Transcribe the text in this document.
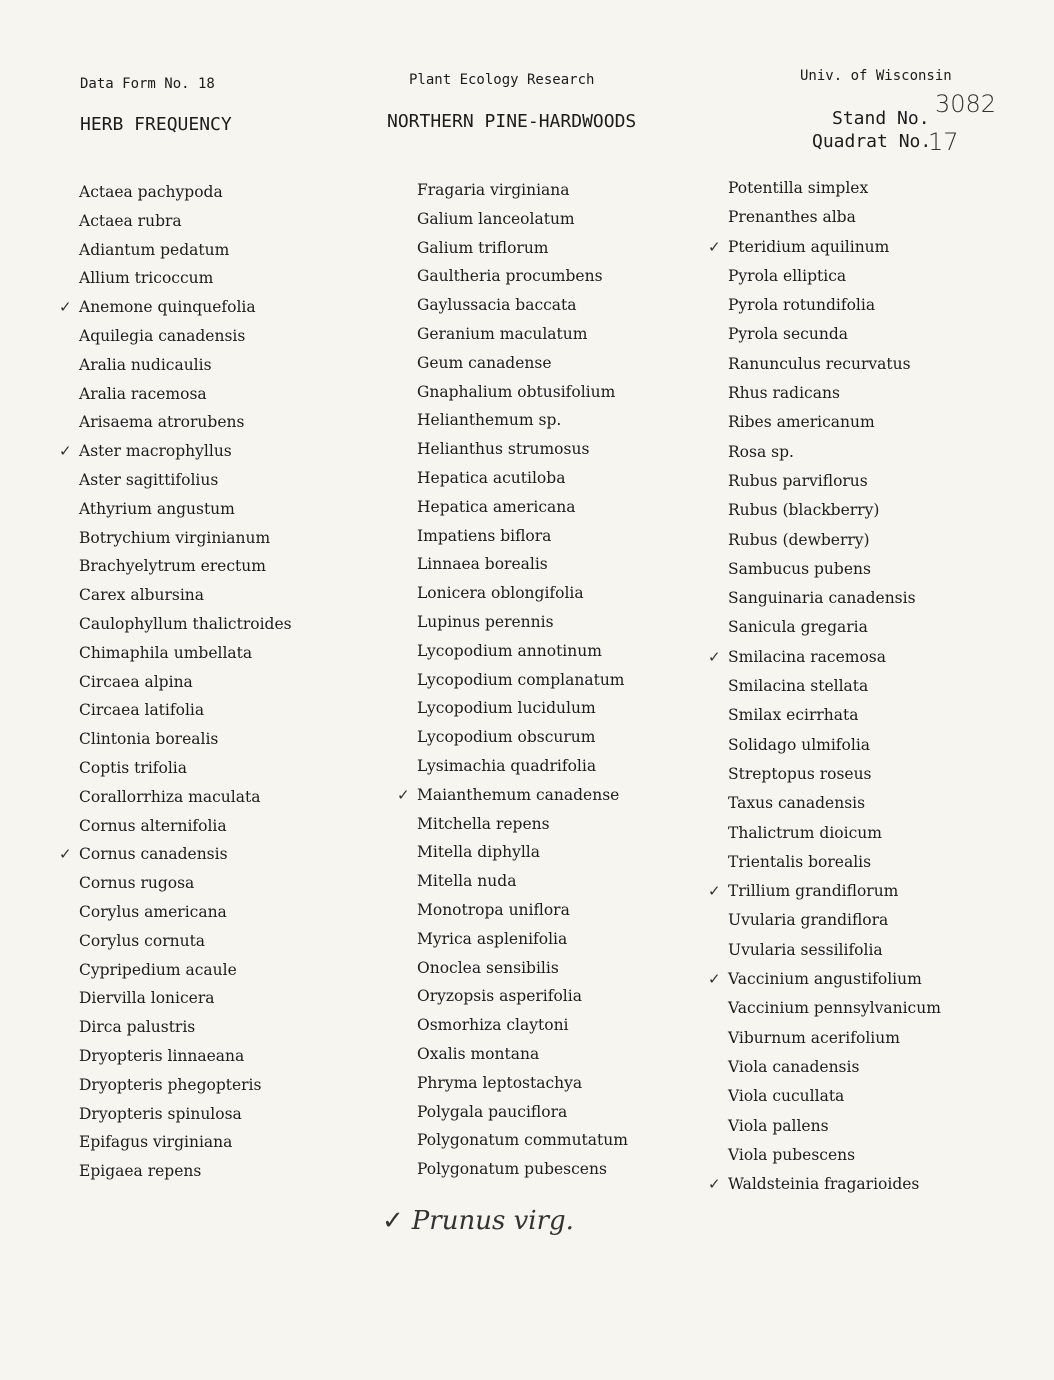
Data Form No. 18	Plant Ecology Research	Univ. of Wisconsin
HERB FREQUENCY	NORTHERN PINE-HARDWOODS	Stand No.
Quadrat No.
3082
17
Actaea pachypoda
Actaea rubra
Adiantum pedatum
Allium tricoccum
✓ Anemone quinquefolia
Aquilegia canadensis
Aralia nudicaulis
Aralia racemosa
Arisaema atrorubens
✓ Aster macrophyllus
Aster sagittifolius
Athyrium angustum
Botrychium virginianum
Brachyelytrum erectum
Carex albursina
Caulophyllum thalictroides
Chimaphila umbellata
Circaea alpina
Circaea latifolia
Clintonia borealis
Coptis trifolia
Corallorrhiza maculata
Cornus alternifolia
✓ Cornus canadensis
Cornus rugosa
Corylus americana
Corylus cornuta
Cypripedium acaule
Diervilla lonicera
Dirca palustris
Dryopteris linnaeana
Dryopteris phegopteris
Dryopteris spinulosa
Epifagus virginiana
Epigaea repens
Fragaria virginiana
Galium lanceolatum
Galium triflorum
Gaultheria procumbens
Gaylussacia baccata
Geranium maculatum
Geum canadense
Gnaphalium obtusifolium
Helianthemum sp.
Helianthus strumosus
Hepatica acutiloba
Hepatica americana
Impatiens biflora
Linnaea borealis
Lonicera oblongifolia
Lupinus perennis
Lycopodium annotinum
Lycopodium complanatum
Lycopodium lucidulum
Lycopodium obscurum
Lysimachia quadrifolia
✓ Maianthemum canadense
Mitchella repens
Mitella diphylla
Mitella nuda
Monotropa uniflora
Myrica asplenifolia
Onoclea sensibilis
Oryzopsis asperifolia
Osmorhiza claytoni
Oxalis montana
Phryma leptostachya
Polygala pauciflora
Polygonatum commutatum
Polygonatum pubescens
Potentilla simplex
Prenanthes alba
✓ Pteridium aquilinum
Pyrola elliptica
Pyrola rotundifolia
Pyrola secunda
Ranunculus recurvatus
Rhus radicans
Ribes americanum
Rosa sp.
Rubus parviflorus
Rubus (blackberry)
Rubus (dewberry)
Sambucus pubens
Sanguinaria canadensis
Sanicula gregaria
✓ Smilacina racemosa
Smilacina stellata
Smilax ecirrhata
Solidago ulmifolia
Streptopus roseus
Taxus canadensis
Thalictrum dioicum
Trientalis borealis
✓ Trillium grandiflorum
Uvularia grandiflora
Uvularia sessilifolia
✓ Vaccinium angustifolium
Vaccinium pennsylvanicum
Viburnum acerifolium
Viola canadensis
Viola cucullata
Viola pallens
Viola pubescens
✓ Waldsteinia fragarioides
✓ Prunus virg.
